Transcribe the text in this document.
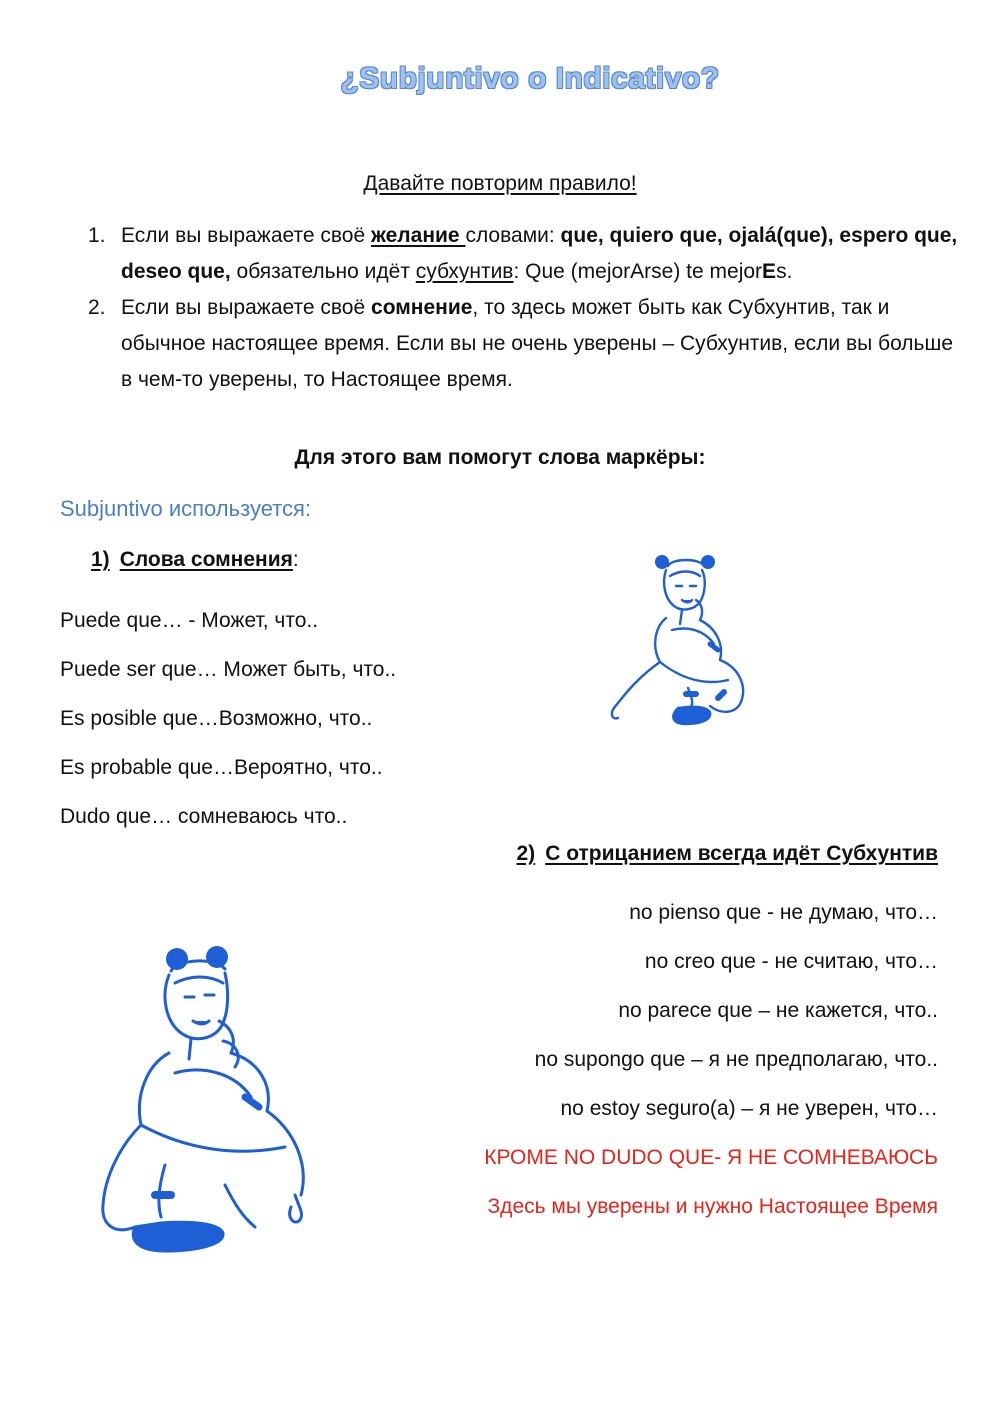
¿Subjuntivo o Indicativo?
Давайте повторим правило!
1. Если вы выражаете своё желание словами: que, quiero que, ojalá(que), espero que, deseo que, обязательно идёт субхунтив: Que (mejorArse) te mejorEs.
2. Если вы выражаете своё сомнение, то здесь может быть как Субхунтив, так и обычное настоящее время. Если вы не очень уверены – Субхунтив, если вы больше в чем-то уверены, то Настоящее время.
Для этого вам помогут слова маркёры:
Subjuntivo используется:
1) Слова сомнения:
Puede que… - Может, что..
Puede ser que… Может быть, что..
Es posible que…Возможно, что..
Es probable que…Вероятно, что..
Dudo que… сомневаюсь что..
2) С отрицанием всегда идёт Субхунтив
no pienso que - не думаю, что…
no creo que - не считаю, что…
no parece que – не кажется, что..
no supongo que – я не предполагаю, что..
no estoy seguro(a) – я не уверен, что…
КРОМЕ NO DUDO QUE- Я НЕ СОМНЕВАЮСЬ
Здесь мы уверены и нужно Настоящее Время
